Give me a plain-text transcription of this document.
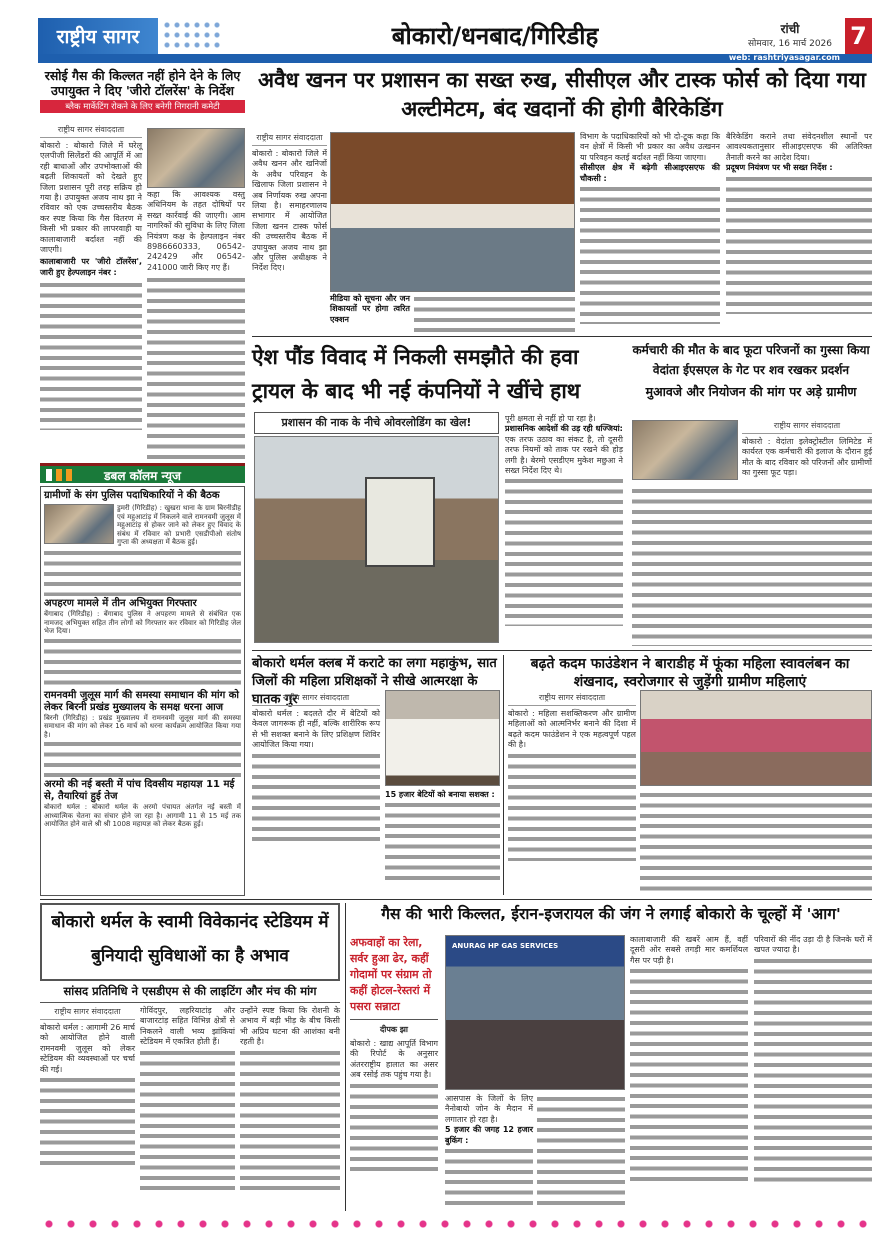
राष्ट्रीय सागर	बोकारो/धनबाद/गिरिडीह	रांची
सोमवार, 16 मार्च 2026 7
web: rashtriyasagar.com
रसोई गैस की किल्लत नहीं होने देने के लिए उपायुक्त ने दिए 'जीरो टॉलरेंस' के निर्देश
ब्लैक मार्केटिंग रोकने के लिए बनेगी निगरानी कमेटी
राष्ट्रीय सागर संवाददाता
बोकारो : बोकारो जिले में घरेलू एलपीजी सिलेंडरों की आपूर्ति में आ रही बाधाओं और उपभोक्ताओं की बढ़ती शिकायतों को देखते हुए जिला प्रशासन पूरी तरह सक्रिय हो गया है। उपायुक्त अजय नाथ झा ने रविवार को एक उच्चस्तरीय बैठक कर स्पष्ट किया कि गैस वितरण में किसी भी प्रकार की लापरवाही या कालाबाजारी बर्दाश्त नहीं की जाएगी।
कालाबाजारी पर 'जीरो टॉलरेंस', जारी हुए हेल्पलाइन नंबर :
कहा कि आवश्यक वस्तु अधिनियम के तहत दोषियों पर सख्त कार्रवाई की जाएगी। आम नागरिकों की सुविधा के लिए जिला नियंत्रण कक्ष के हेल्पलाइन नंबर 8986660333, 06542-242429 और 06542-241000 जारी किए गए हैं।
डबल कॉलम न्यूज
ग्रामीणों के संग पुलिस पदाधिकारियों ने की बैठक
डुमरी (गिरिडीह) : खुखरा थाना के ग्राम बिरनीडीह एवं महुआटांड़ में निकलने वाले रामनवमी जुलूस में महुआटांड़ से होकर जाने को लेकर हुए विवाद के संबंध में रविवार को प्रभारी एसडीपीओ संतोष गुप्ता की अध्यक्षता में बैठक हुई।
अपहरण मामले में तीन अभियुक्त गिरफ्तार
बेंगाबाद (गिरिडीह) : बेंगाबाद पुलिस ने अपहरण मामले से संबंधित एक नामजद अभियुक्त सहित तीन लोगों को गिरफ्तार कर रविवार को गिरिडीह जेल भेज दिया।
रामनवमी जुलूस मार्ग की समस्या समाधान की मांग को लेकर बिरनी प्रखंड मुख्यालय के समक्ष धरना आज
बिरनी (गिरिडीह) : प्रखंड मुख्यालय में रामनवमी जुलूस मार्ग की समस्या समाधान की मांग को लेकर 16 मार्च को धरना कार्यक्रम आयोजित किया गया है।
अरमो की नई बस्ती में पांच दिवसीय महायज्ञ 11 मई से, तैयारियां हुई तेज
बोकारो थर्मल : बोकारो थर्मल के अरमो पंचायत अंतर्गत नई बस्ती में आध्यात्मिक चेतना का संचार होने जा रहा है। आगामी 11 से 15 मई तक आयोजित होने वाले श्री श्री 1008 महायज्ञ को लेकर बैठक हुई।
अवैध खनन पर प्रशासन का सख्त रुख, सीसीएल और टास्क फोर्स को दिया गया अल्टीमेटम, बंद खदानों की होगी बैरिकेडिंग
राष्ट्रीय सागर संवाददाता
बोकारो : बोकारो जिले में अवैध खनन और खनिजों के अवैध परिवहन के खिलाफ जिला प्रशासन ने अब निर्णायक रुख अपना लिया है। समाहरणालय सभागार में आयोजित जिला खनन टास्क फोर्स की उच्चस्तरीय बैठक में उपायुक्त अजय नाथ झा और पुलिस अधीक्षक ने निर्देश दिए।
मीडिया को सूचना और जन शिकायतों पर होगा त्वरित एक्शन
विभाग के पदाधिकारियों को भी दो-टूक कहा कि वन क्षेत्रों में किसी भी प्रकार का अवैध उत्खनन या परिवहन कतई बर्दाश्त नहीं किया जाएगा।
सीसीएल क्षेत्र में बढ़ेगी सीआइएसएफ की चौकसी :
बैरिकेडिंग कराने तथा संवेदनशील स्थानों पर आवश्यकतानुसार सीआइएसएफ की अतिरिक्त तैनाती करने का आदेश दिया।
प्रदूषण नियंत्रण पर भी सख्त निर्देश :
ऐश पौंड विवाद में निकली समझौते की हवा ट्रायल के बाद भी नई कंपनियों ने खींचे हाथ
प्रशासन की नाक के नीचे ओवरलोडिंग का खेल!	पूरी क्षमता से नहीं हो पा रहा है।
प्रशासनिक आदेशों की उड़ रही धज्जियां:
एक तरफ उठाव का संकट है, तो दूसरी तरफ नियमों को ताक पर रखने की होड़ लगी है। बेरमो एसडीएम मुकेश मछुआ ने सख्त निर्देश दिए थे।
कर्मचारी की मौत के बाद फूटा परिजनों का गुस्सा किया वेदांता ईएसएल के गेट पर शव रखकर प्रदर्शन
मुआवजे और नियोजन की मांग पर अड़े ग्रामीण
राष्ट्रीय सागर संवाददाता
बोकारो : वेदांता इलेक्ट्रोस्टील लिमिटेड में कार्यरत एक कर्मचारी की इलाज के दौरान हुई मौत के बाद रविवार को परिजनों और ग्रामीणों का गुस्सा फूट पड़ा।
बोकारो थर्मल क्लब में कराटे का लगा महाकुंभ, सात जिलों की महिला प्रशिक्षकों ने सीखे आत्मरक्षा के घातक गुर
राष्ट्रीय सागर संवाददाता
बोकारो थर्मल : बदलते दौर में बेटियों को केवल जागरूक ही नहीं, बल्कि शारीरिक रूप से भी सशक्त बनाने के लिए प्रशिक्षण शिविर आयोजित किया गया।
15 हजार बेटियों को बनाया सशक्त :
बढ़ते कदम फाउंडेशन ने बाराडीह में फूंका महिला स्वावलंबन का शंखनाद, स्वरोजगार से जुड़ेंगी ग्रामीण महिलाएं
राष्ट्रीय सागर संवाददाता
बोकारो : महिला सशक्तिकरण और ग्रामीण महिलाओं को आत्मनिर्भर बनाने की दिशा में बढ़ते कदम फाउंडेशन ने एक महत्वपूर्ण पहल की है।
बोकारो थर्मल के स्वामी विवेकानंद स्टेडियम में बुनियादी सुविधाओं का है अभाव
सांसद प्रतिनिधि ने एसडीएम से की लाइटिंग और मंच की मांग
राष्ट्रीय सागर संवाददाता
बोकारो थर्मल : आगामी 26 मार्च को आयोजित होने वाली रामनवमी जुलूस को लेकर स्टेडियम की व्यवस्थाओं पर चर्चा की गई।
गोविंदपुर, लहरियाटांड़ और बाजारटांड़ सहित विभिन्न क्षेत्रों से निकलने वाली भव्य झांकियां स्टेडियम में एकत्रित होती हैं।
उन्होंने स्पष्ट किया कि रोशनी के अभाव में बड़ी भीड़ के बीच किसी भी अप्रिय घटना की आशंका बनी रहती है।
गैस की भारी किल्लत, ईरान-इजरायल की जंग ने लगाई बोकारो के चूल्हों में 'आग'
अफवाहों का रेला, सर्वर हुआ ढेर, कहीं गोदामों पर संग्राम तो कहीं होटल-रेस्तरां में पसरा सन्नाटा
दीपक झा
बोकारो : खाद्य आपूर्ति विभाग की रिपोर्ट के अनुसार अंतरराष्ट्रीय हालात का असर अब रसोई तक पहुंच गया है।
ANURAG HP GAS SERVICES
आसपास के जिलों के लिए नैनोबायो जोन के मैदान में लगातार हो रहा है।
5 हजार की जगह 12 हजार बुकिंग :
कालाबाजारी की खबरें आम हैं, वहीं दूसरी ओर सबसे तगड़ी मार कमर्शियल गैस पर पड़ी है।
परिवारों की नींद उड़ा दी है जिनके घरों में खपत ज्यादा है।
